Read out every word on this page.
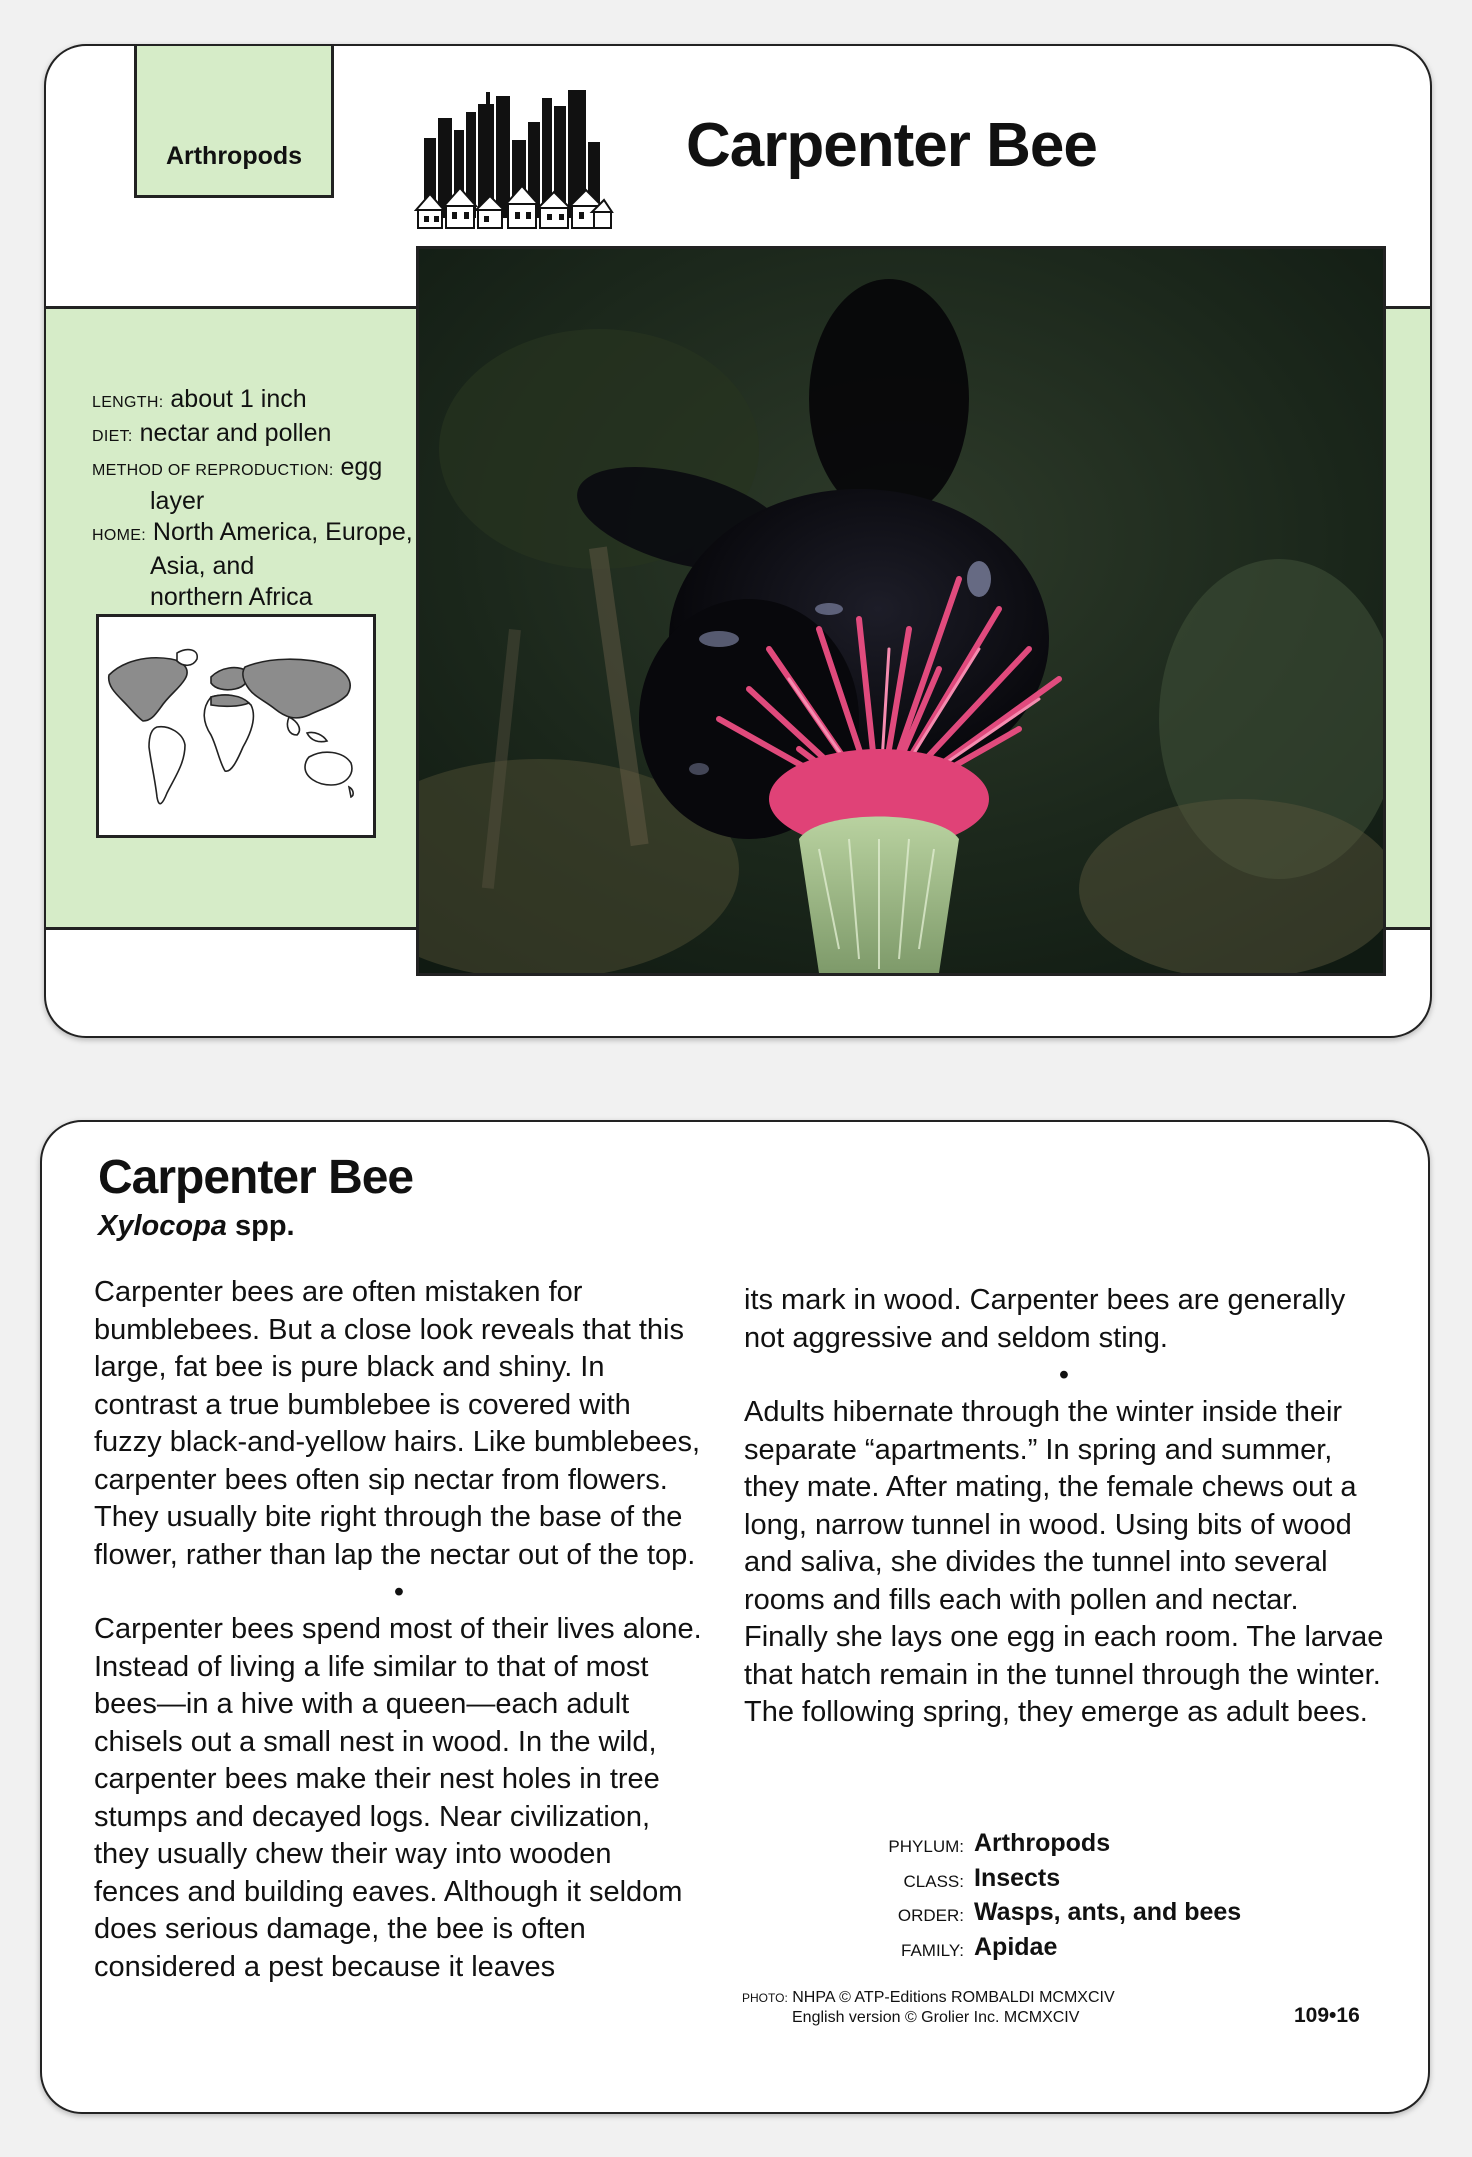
Arthropods	Carpenter Bee

LENGTH: about 1 inch

DIET: nectar and pollen

METHOD OF REPRODUCTION: egg
layer

HOME: North America, Europe,
Asia, and
northern Africa

Carpenter Bee
Xylocopa spp.

Carpenter bees are often mistaken for bumblebees. But a close look reveals that this large, fat bee is pure black and shiny. In contrast a true bumblebee is covered with fuzzy black-and-yellow hairs. Like bumblebees, carpenter bees often sip nectar from flowers. They usually bite right through the base of the flower, rather than lap the nectar out of the top.

•

Carpenter bees spend most of their lives alone. Instead of living a life similar to that of most bees—in a hive with a queen—each adult chisels out a small nest in wood. In the wild, carpenter bees make their nest holes in tree stumps and decayed logs. Near civilization, they usually chew their way into wooden fences and building eaves. Although it seldom does serious damage, the bee is often considered a pest because it leaves

its mark in wood. Carpenter bees are generally not aggressive and seldom sting.

•

Adults hibernate through the winter inside their separate “apartments.” In spring and summer, they mate. After mating, the female chews out a long, narrow tunnel in wood. Using bits of wood and saliva, she divides the tunnel into several rooms and fills each with pollen and nectar. Finally she lays one egg in each room. The larvae that hatch remain in the tunnel through the winter. The following spring, they emerge as adult bees.

PHYLUM: Arthropods
CLASS: Insects
ORDER: Wasps, ants, and bees
FAMILY: Apidae
PHOTO: NHPA © ATP-Editions ROMBALDI MCMXCIV
English version © Grolier Inc. MCMXCIV	109•16
